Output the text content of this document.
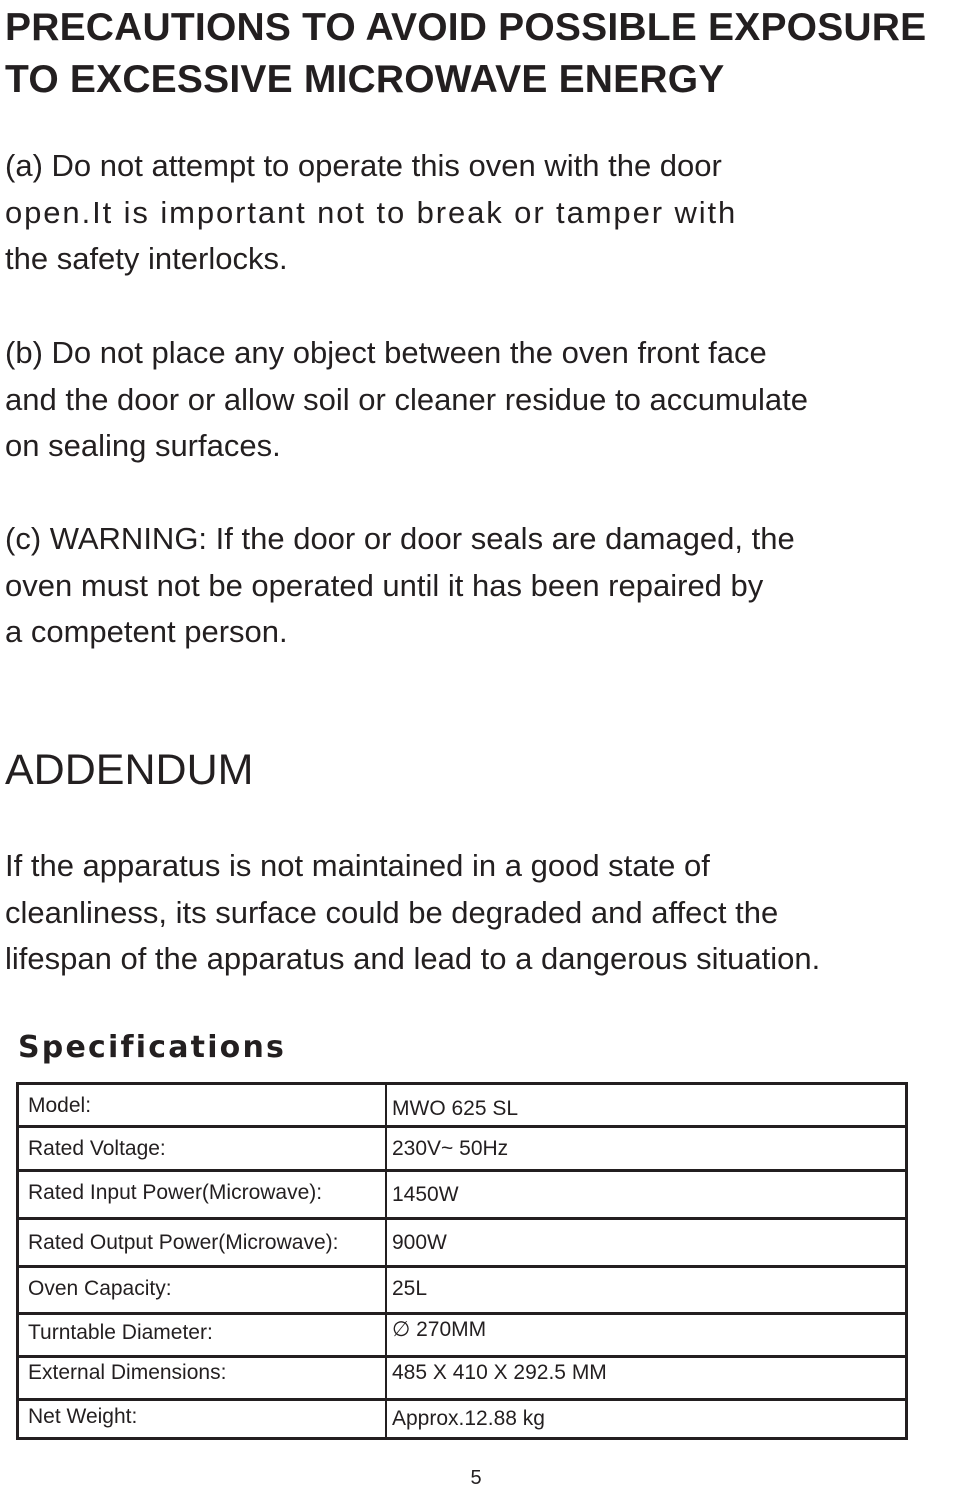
PRECAUTIONS TO AVOID POSSIBLE EXPOSURE
TO EXCESSIVE MICROWAVE ENERGY

(a) Do not attempt to operate this oven with the door
open.It is important not to break or tamper with
the safety interlocks.

(b) Do not place any object between the oven front face
and the door or allow soil or cleaner residue to accumulate
on sealing surfaces.

(c) WARNING: If the door or door seals are damaged, the
oven must not be operated until it has been repaired by
a competent person.

ADDENDUM

If the apparatus is not maintained in a good state of
cleanliness, its surface could be degraded and affect the
lifespan of the apparatus and lead to a dangerous situation.

Specifications
Model:	MWO 625 SL
Rated Voltage:	230V~ 50Hz
Rated Input Power(Microwave):	1450W
Rated Output Power(Microwave):	900W
Oven Capacity:	25L
Turntable Diameter:	∅ 270MM
External Dimensions:	485 X 410 X 292.5 MM
Net Weight:	Approx.12.88 kg
5
